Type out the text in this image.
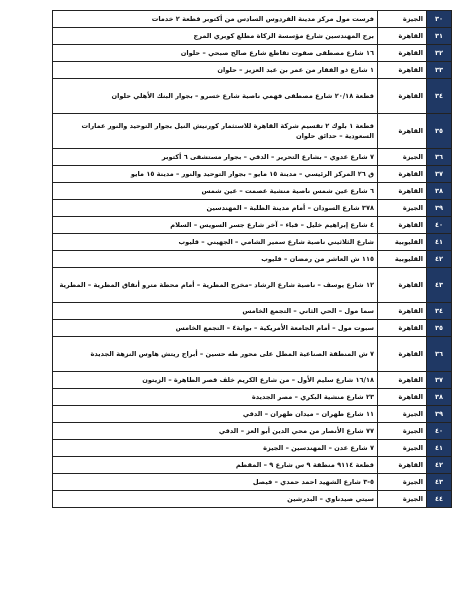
٣٠	الجيزة	فرست مول مركز مدينة الفردوس السادس من أكتوبر قطعة ٢ خدمات
٣١	القاهرة	برج المهندسين شارع مؤسسة الزكاة مطلع كوبري المرج
٣٢	القاهرة	١٦ شارع مصطفى صفوت تقاطع شارع صالح صبحي – حلوان
٣٣	القاهرة	١ شارع ذو الفقار من عمر بن عبد العزيز – حلوان
٣٤	القاهرة	قطعة ٢٠/١٨ شارع مصطفى فهمي ناصية شارع خسرو – بجوار البنك الأهلي حلوان
٣٥	القاهرة	قطعة ١ بلوك ٢ تقسيم شركة القاهرة للاستثمار كورنيش النيل بجوار التوحيد والنور عمارات السعودية – حدائق حلوان
٣٦	الجيزة	٧ شارع عدوي – بشارع التحرير – الدقي – بجوار مستشفى ٦ أكتوبر
٣٧	القاهرة	ق ٢٦ المركز الرئيسي – مدينة ١٥ مايو – بجوار التوحيد والنور – مدينة ١٥ مايو
٣٨	القاهرة	٦ شارع عين شمس ناصية منشية عصمت – عين شمس
٣٩	الجيزة	٣٧٨ شارع السودان – أمام مدينة الطلبة – المهندسين
٤٠	القاهرة	٤ شارع إبراهيم خليل – قباء – آخر شارع جسر السويس – السلام
٤١	القليوبية	شارع الثلاثيني ناصية شارع سمير الشامي – الجهيني – قليوب
٤٢	القليوبية	١١٥ ش العاشر من رمضان – قليوب
٤٣	القاهرة	١٢ شارع يوسف – ناصية شارع الرشاد –مخرج المطرية – أمام محطة مترو أنفاق المطرية – المطرية
٣٤	القاهرة	سما مول – الحي الثاني – التجمع الخامس
٣٥	القاهرة	سبوت مول – أمام الجامعة الأمريكية – بوابة٤ – التجمع الخامس
٣٦	القاهرة	٧ ش المنطقة الصناعية المطل على محور طه حسين – أبراج ريتش هاوس النزهة الجديدة
٣٧	القاهرة	١٦/١٨ شارع سليم الأول – من شارع الكريم خلف قصر الطاهرة – الزيتون
٣٨	القاهرة	٢٣ شارع منشية البكري – مصر الجديدة
٣٩	الجيزة	١١ شارع طهران – ميدان طهران – الدقي
٤٠	الجيزة	٧٧ شارع الأنصار من محي الدين أبو العز – الدقي
٤١	الجيزة	٧ شارع عدن – المهندسين – الجيزة
٤٢	القاهرة	قطعة ٩١١٤ منطقة ٩ س شارع ٩ – المقطم
٤٣	الجيزة	٥-٣ شارع الشهيد احمد حمدي – فيصل
٤٤	الجيزة	سيتي صيدناوي – البدرشين
